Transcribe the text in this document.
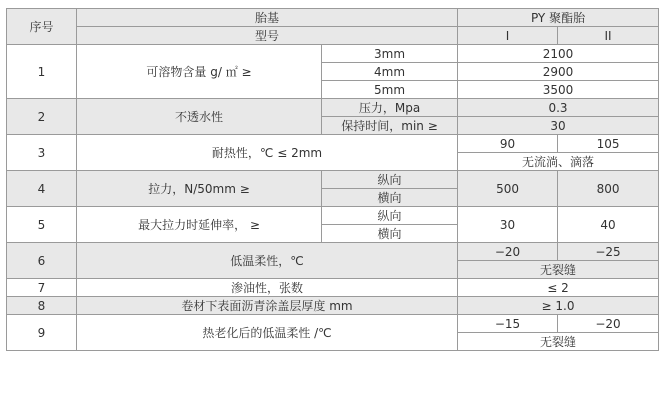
序号	胎基		PY 聚酯胎	
	型号		I	II
1	可溶物含量 g/ ㎡ ≥	3mm	2100	
		4mm	2900	
		5mm	3500	
2	不透水性	压力，Mpa	0.3	
		保持时间，min ≥	30	
3	耐热性，℃ ≤ 2mm		90	105
			无流淌、滴落	
4	拉力，N/50mm ≥	纵向	500	800
		横向		
5	最大拉力时延伸率， ≥	纵向	30	40
		横向		
6	低温柔性，℃		−20	−25
			无裂缝	
7	渗油性，张数		≤ 2	
8	卷材下表面沥青涂盖层厚度 mm		≥ 1.0	
9	热老化后的低温柔性 /℃		−15	−20
			无裂缝	
